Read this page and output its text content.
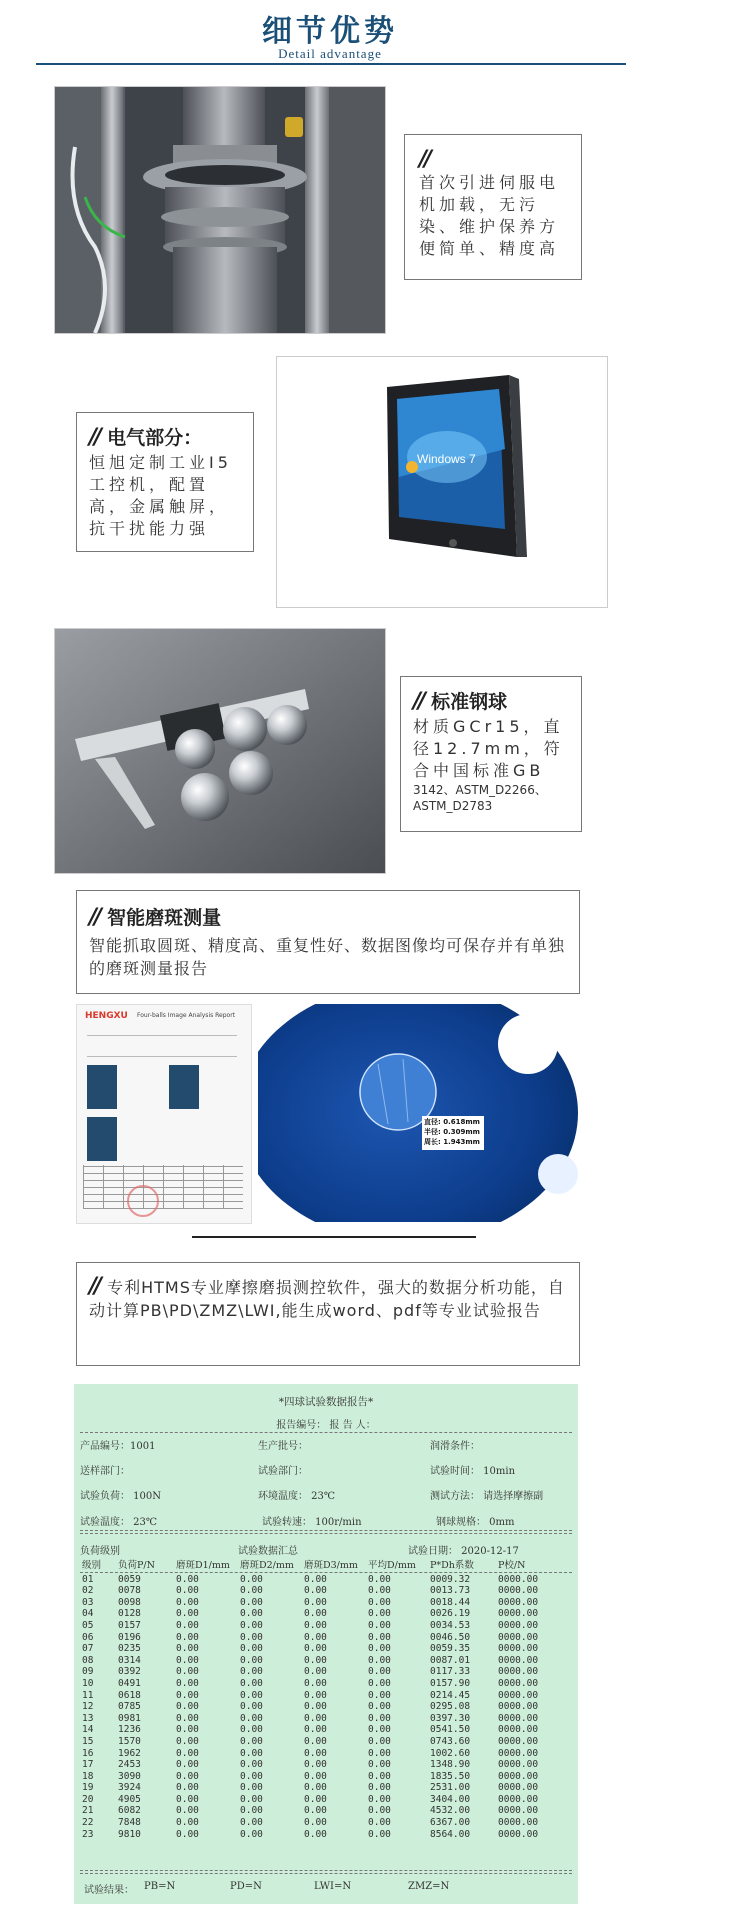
细节优势
Detail advantage
//
首次引进伺服电机加载，无污染、维护保养方便简单、精度高
// 电气部分：
恒旭定制工业I5工控机，配置高，金属触屏，抗干扰能力强
Windows 7
// 标准钢球
材质GCr15，直径12.7mm，符合中国标准GB
3142、ASTM_D2266、ASTM_D2783
// 智能磨斑测量
智能抓取圆斑、精度高、重复性好、数据图像均可保存并有单独的磨斑测量报告
HENGXU Four-balls Image Analysis Report
直径: 0.618mm
半径: 0.309mm
周长: 1.943mm
// 专利HTMS专业摩擦磨损测控软件，强大的数据分析功能，自动计算PB\PD\ZMZ\LWI,能生成word、pdf等专业试验报告
*四球试验数据报告*
报告编号： 报 告 人：
产品编号：1001	生产批号：	润滑条件：
送样部门：	试验部门：	试验时间： 10min
试验负荷： 100N	环境温度： 23℃	测试方法： 请选择摩擦副
试验温度： 23℃	试验转速： 100r/min	钢球规格： 0mm
负荷级别	试验数据汇总	试验日期： 2020-12-17
级别	负荷P/N	磨斑D1/mm	磨斑D2/mm	磨斑D3/mm	平均D/mm	P*Dh系数	P校/N
01	0059	0.00	0.00	0.00	0.00	0009.32	0000.00
02	0078	0.00	0.00	0.00	0.00	0013.73	0000.00
03	0098	0.00	0.00	0.00	0.00	0018.44	0000.00
04	0128	0.00	0.00	0.00	0.00	0026.19	0000.00
05	0157	0.00	0.00	0.00	0.00	0034.53	0000.00
06	0196	0.00	0.00	0.00	0.00	0046.50	0000.00
07	0235	0.00	0.00	0.00	0.00	0059.35	0000.00
08	0314	0.00	0.00	0.00	0.00	0087.01	0000.00
09	0392	0.00	0.00	0.00	0.00	0117.33	0000.00
10	0491	0.00	0.00	0.00	0.00	0157.90	0000.00
11	0618	0.00	0.00	0.00	0.00	0214.45	0000.00
12	0785	0.00	0.00	0.00	0.00	0295.08	0000.00
13	0981	0.00	0.00	0.00	0.00	0397.30	0000.00
14	1236	0.00	0.00	0.00	0.00	0541.50	0000.00
15	1570	0.00	0.00	0.00	0.00	0743.60	0000.00
16	1962	0.00	0.00	0.00	0.00	1002.60	0000.00
17	2453	0.00	0.00	0.00	0.00	1348.90	0000.00
18	3090	0.00	0.00	0.00	0.00	1835.50	0000.00
19	3924	0.00	0.00	0.00	0.00	2531.00	0000.00
20	4905	0.00	0.00	0.00	0.00	3404.00	0000.00
21	6082	0.00	0.00	0.00	0.00	4532.00	0000.00
22	7848	0.00	0.00	0.00	0.00	6367.00	0000.00
23	9810	0.00	0.00	0.00	0.00	8564.00	0000.00
试验结果： PB=N	PD=N	LWI=N	ZMZ=N
